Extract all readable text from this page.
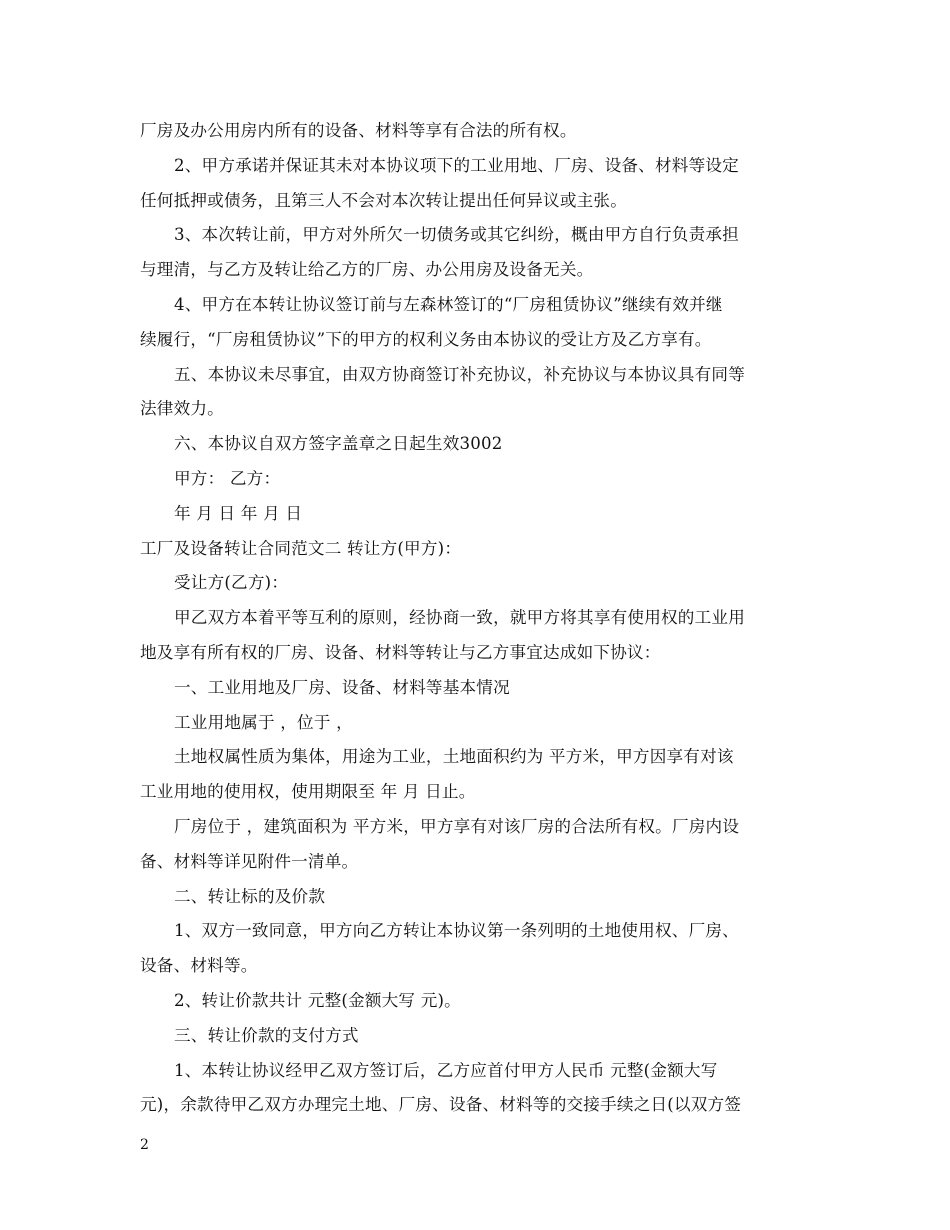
厂房及办公用房内所有的设备、材料等享有合法的所有权。
2、甲方承诺并保证其未对本协议项下的工业用地、厂房、设备、材料等设定
任何抵押或债务，且第三人不会对本次转让提出任何异议或主张。
3、本次转让前，甲方对外所欠一切债务或其它纠纷，概由甲方自行负责承担
与理清，与乙方及转让给乙方的厂房、办公用房及设备无关。
4、甲方在本转让协议签订前与左森林签订的“厂房租赁协议”继续有效并继
续履行，“厂房租赁协议”下的甲方的权利义务由本协议的受让方及乙方享有。
五、本协议未尽事宜，由双方协商签订补充协议，补充协议与本协议具有同等
法律效力。
六、本协议自双方签字盖章之日起生效3002
甲方： 乙方：
年 月 日 年 月 日
工厂及设备转让合同范文二 转让方(甲方)：
受让方(乙方)：
甲乙双方本着平等互利的原则，经协商一致，就甲方将其享有使用权的工业用
地及享有所有权的厂房、设备、材料等转让与乙方事宜达成如下协议：
一、工业用地及厂房、设备、材料等基本情况
工业用地属于 ，位于 ，
土地权属性质为集体，用途为工业，土地面积约为 平方米，甲方因享有对该
工业用地的使用权，使用期限至 年 月 日止。
厂房位于 ，建筑面积为 平方米，甲方享有对该厂房的合法所有权。厂房内设
备、材料等详见附件一清单。
二、转让标的及价款
1、双方一致同意，甲方向乙方转让本协议第一条列明的土地使用权、厂房、
设备、材料等。
2、转让价款共计 元整(金额大写 元)。
三、转让价款的支付方式
1、本转让协议经甲乙双方签订后，乙方应首付甲方人民币 元整(金额大写
元)，余款待甲乙双方办理完土地、厂房、设备、材料等的交接手续之日(以双方签
2
